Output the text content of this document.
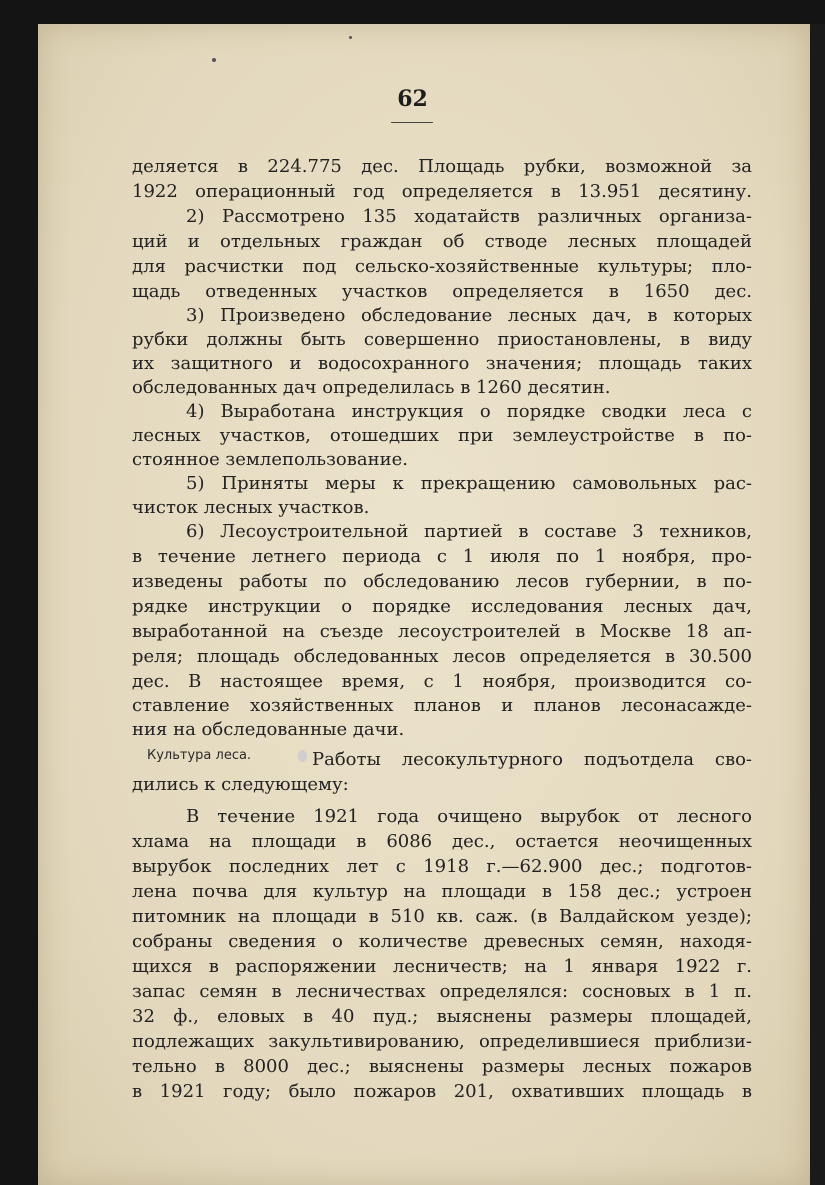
62
Культура леса.

деляется в 224.775 дес. Площадь рубки, возможной за

1922 операционный год определяется в 13.951 десятину.

2) Рассмотрено 135 ходатайств различных организа-

ций и отдельных граждан об стводе лесных площадей

для расчистки под сельско-хозяйственные культуры; пло-

щадь отведенных участков определяется в 1650 дес.

3) Произведено обследование лесных дач, в которых

рубки должны быть совершенно приостановлены, в виду

их защитного и водосохранного значения; площадь таких

обследованных дач определилась в 1260 десятин.

4) Выработана инструкция о порядке сводки леса с

лесных участков, отошедших при землеустройстве в по-

стоянное землепользование.

5) Приняты меры к прекращению самовольных рас-

чисток лесных участков.

6) Лесоустроительной партией в составе 3 техников,

в течение летнего периода с 1 июля по 1 ноября, про-

изведены работы по обследованию лесов губернии, в по-

рядке инструкции о порядке исследования лесных дач,

выработанной на съезде лесоустроителей в Москве 18 ап-

реля; площадь обследованных лесов определяется в 30.500

дес. В настоящее время, с 1 ноября, производится со-

ставление хозяйственных планов и планов лесонасажде-

ния на обследованные дачи.

Работы лесокультурного подъотдела сво-

дились к следующему:

В течение 1921 года очищено вырубок от лесного

хлама на площади в 6086 дес., остается неочищенных

вырубок последних лет с 1918 г.—62.900 дес.; подготов-

лена почва для культур на площади в 158 дес.; устроен

питомник на площади в 510 кв. саж. (в Валдайском уезде);

собраны сведения о количестве древесных семян, находя-

щихся в распоряжении лесничеств; на 1 января 1922 г.

запас семян в лесничествах определялся: сосновых в 1 п.

32 ф., еловых в 40 пуд.; выяснены размеры площадей,

подлежащих закультивированию, определившиеся приблизи-

тельно в 8000 дес.; выяснены размеры лесных пожаров

в 1921 году; было пожаров 201, охвативших площадь в
